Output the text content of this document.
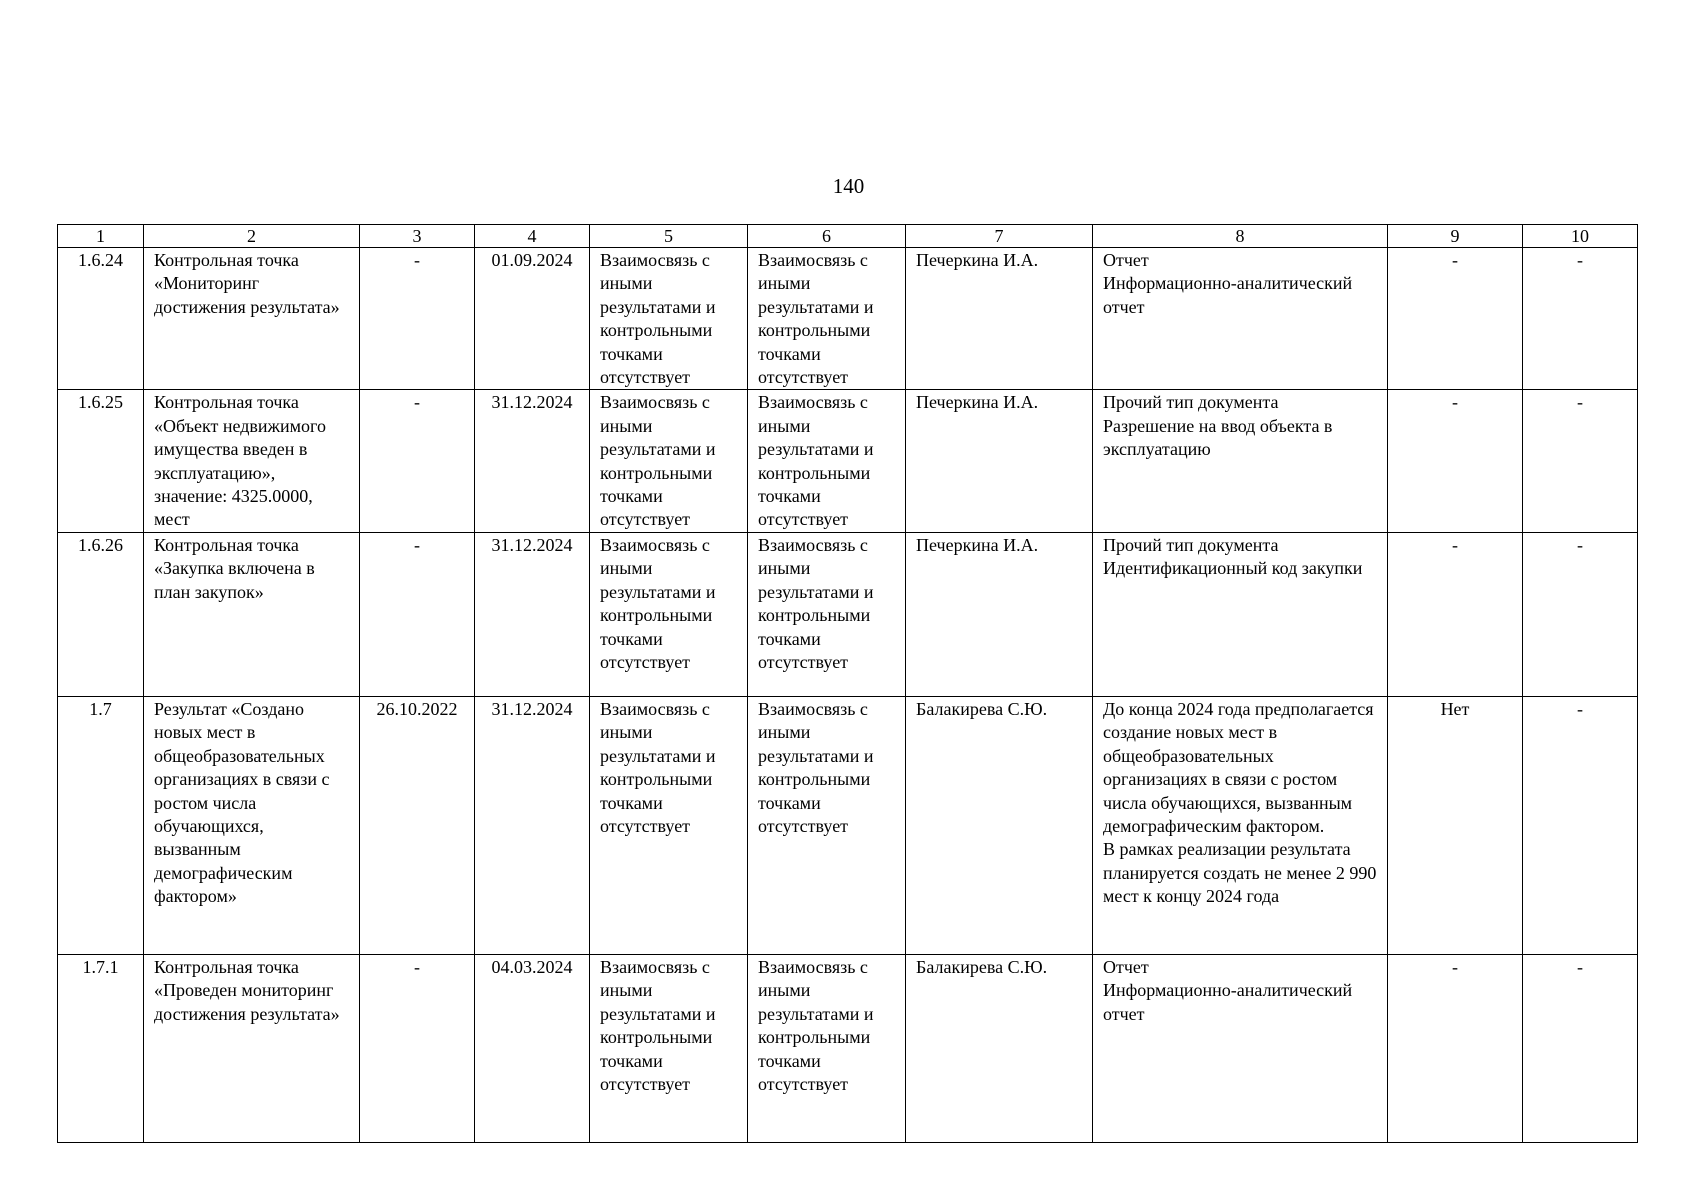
140
1	2	3	4	5	6	7	8	9	10
1.6.24	Контрольная точка «Мониторинг достижения результата»	-	01.09.2024	Взаимосвязь с иными результатами и контрольными точками отсутствует	Взаимосвязь с иными результатами и контрольными точками отсутствует	Печеркина И.А.	Отчет
Информационно-аналитический отчет	-	-
1.6.25	Контрольная точка «Объект недвижимого имущества введен в эксплуатацию», значение: 4325.0000, мест	-	31.12.2024	Взаимосвязь с иными результатами и контрольными точками отсутствует	Взаимосвязь с иными результатами и контрольными точками отсутствует	Печеркина И.А.	Прочий тип документа
Разрешение на ввод объекта в эксплуатацию	-	-
1.6.26	Контрольная точка «Закупка включена в план закупок»	-	31.12.2024	Взаимосвязь с иными результатами и контрольными точками отсутствует	Взаимосвязь с иными результатами и контрольными точками отсутствует	Печеркина И.А.	Прочий тип документа
Идентификационный код закупки	-	-
1.7	Результат «Создано новых мест в общеобразовательных организациях в связи с ростом числа обучающихся, вызванным демографическим фактором»	26.10.2022	31.12.2024	Взаимосвязь с иными результатами и контрольными точками отсутствует	Взаимосвязь с иными результатами и контрольными точками отсутствует	Балакирева С.Ю.	До конца 2024 года предполагается создание новых мест в общеобразовательных организациях в связи с ростом числа обучающихся, вызванным демографическим фактором.
В рамках реализации результата планируется создать не менее 2 990 мест к концу 2024 года	Нет	-
1.7.1	Контрольная точка «Проведен мониторинг достижения результата»	-	04.03.2024	Взаимосвязь с иными результатами и контрольными точками отсутствует	Взаимосвязь с иными результатами и контрольными точками отсутствует	Балакирева С.Ю.	Отчет
Информационно-аналитический отчет	-	-
